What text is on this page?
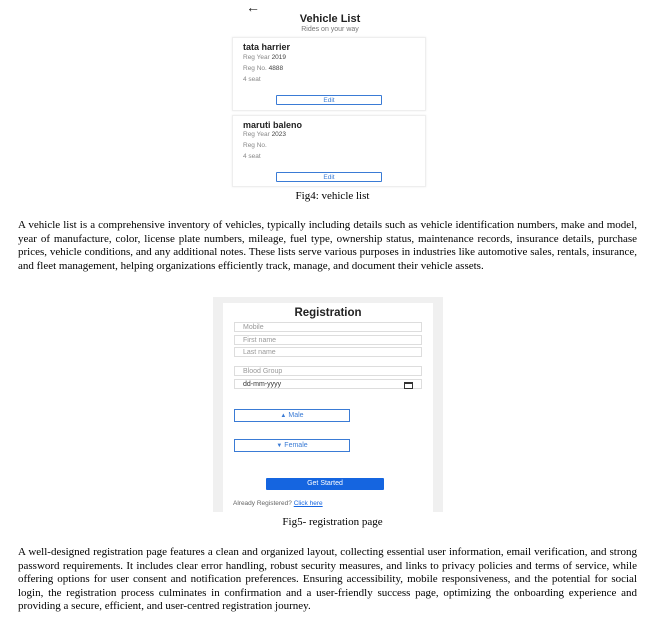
←
Vehicle List
Rides on your way
tata harrier
Reg Year 2019
Reg No. 4888
4 seat
Edit
maruti baleno
Reg Year 2023
Reg No.
4 seat
Edit
Fig4: vehicle list

A vehicle list is a comprehensive inventory of vehicles, typically including details such as vehicle identification numbers, make and model, year of manufacture, color, license plate numbers, mileage, fuel type, ownership status, maintenance records, insurance details, purchase prices, vehicle conditions, and any additional notes. These lists serve various purposes in industries like automotive sales, rentals, insurance, and fleet management, helping organizations efficiently track, manage, and document their vehicle assets.

Registration
Mobile
First name
Last name
Blood Group
dd-mm-yyyy
▲ Male
▼ Female
Get Started
Already Registered? Click here
Fig5- registration page

A well-designed registration page features a clean and organized layout, collecting essential user information, email verification, and strong password requirements. It includes clear error handling, robust security measures, and links to privacy policies and terms of service, while offering options for user consent and notification preferences. Ensuring accessibility, mobile responsiveness, and the potential for social login, the registration process culminates in confirmation and a user-friendly success page, optimizing the onboarding experience and providing a secure, efficient, and user-centred registration journey.
